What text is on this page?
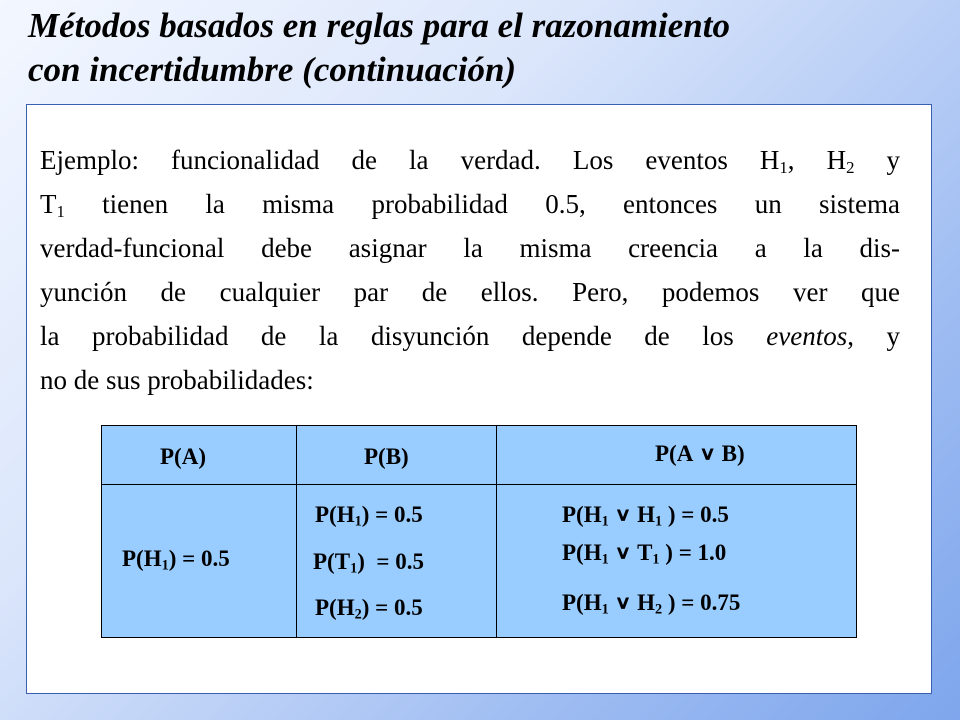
Métodos basados en reglas para el razonamiento
con incertidumbre (continuación)
Ejemplo: funcionalidad de la verdad. Los eventos $H_1$, $H_2$ y
$T_1$ tienen la misma probabilidad 0.5, entonces un sistema
verdad-funcional debe asignar la misma creencia a la dis-
yunción de cualquier par de ellos. Pero, podemos ver que
la probabilidad de la disyunción depende de los eventos, y
no de sus probabilidades:
P(A)	P(B)	P(A ∨ B)
$P(H_1) = 0.5$
$P(H_1) = 0.5$
$P(T_1) = 0.5$
$P(H_2) = 0.5$
$P(H_1$ ∨ $H_1$ ) = 0.5
$P(H_1$ ∨ $T_1$ ) = 1.0
$P(H_1$ ∨ $H_2$ ) = 0.75
